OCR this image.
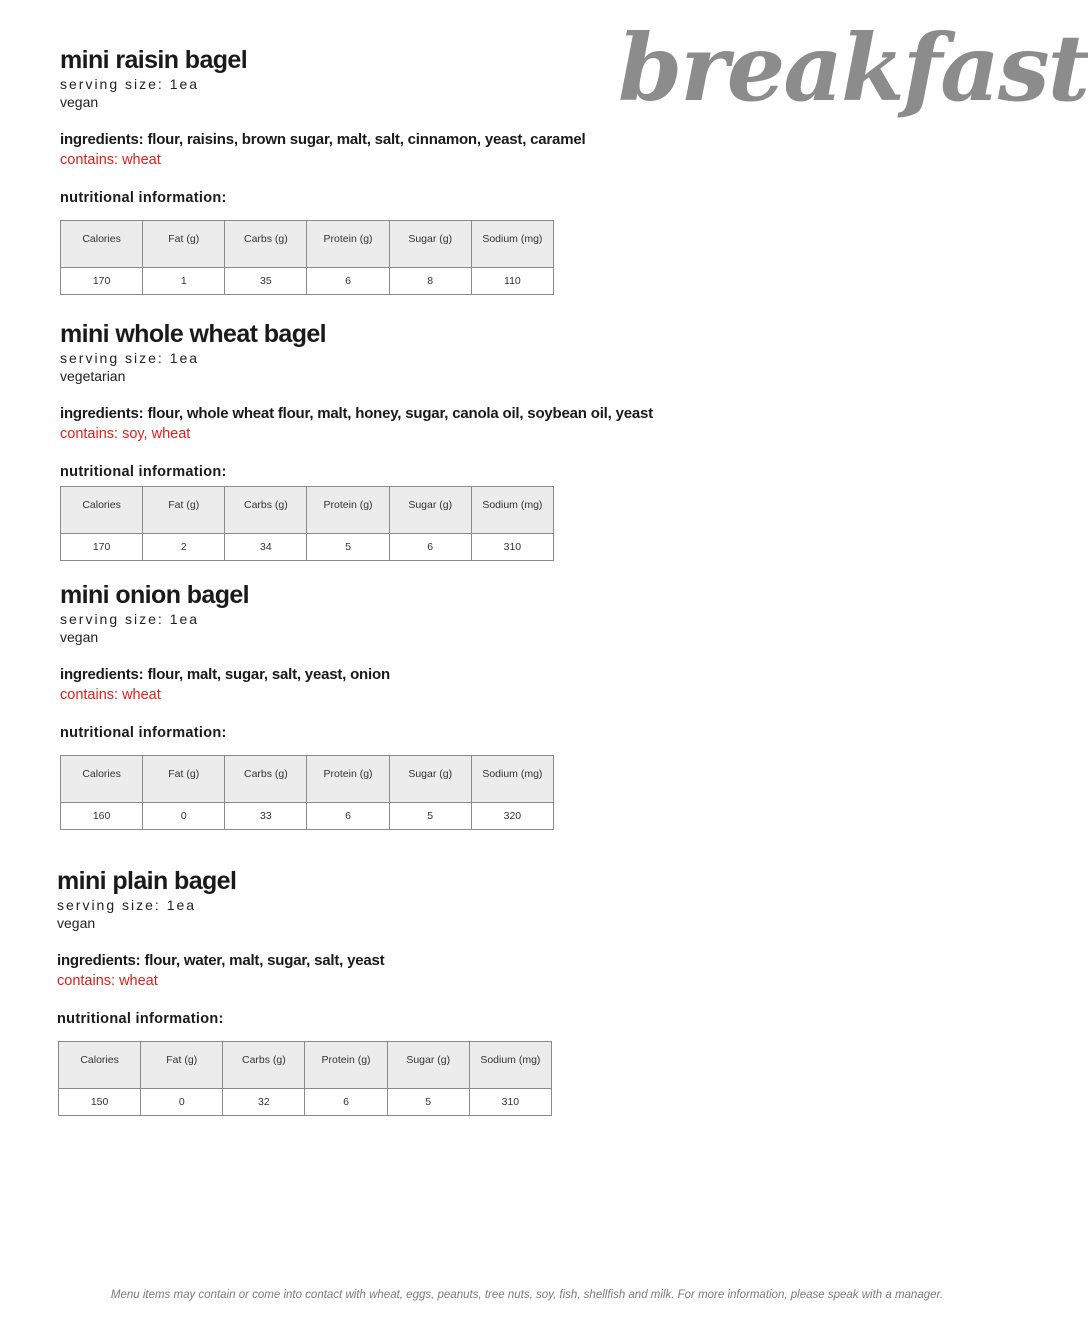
breakfast
mini raisin bagel
serving size: 1ea
vegan
ingredients: flour, raisins, brown sugar, malt, salt, cinnamon, yeast, caramel
contains: wheat
nutritional information:
Calories	Fat (g)	Carbs (g)	Protein (g)	Sugar (g)	Sodium (mg)
170	1	35	6	8	110
mini whole wheat bagel
serving size: 1ea
vegetarian
ingredients: flour, whole wheat flour, malt, honey, sugar, canola oil, soybean oil, yeast
contains: soy, wheat
nutritional information:
Calories	Fat (g)	Carbs (g)	Protein (g)	Sugar (g)	Sodium (mg)
170	2	34	5	6	310
mini onion bagel
serving size: 1ea
vegan
ingredients: flour, malt, sugar, salt, yeast, onion
contains: wheat
nutritional information:
Calories	Fat (g)	Carbs (g)	Protein (g)	Sugar (g)	Sodium (mg)
160	0	33	6	5	320
mini plain bagel
serving size: 1ea
vegan
ingredients: flour, water, malt, sugar, salt, yeast
contains: wheat
nutritional information:
Calories	Fat (g)	Carbs (g)	Protein (g)	Sugar (g)	Sodium (mg)
150	0	32	6	5	310
Menu items may contain or come into contact with wheat, eggs, peanuts, tree nuts, soy, fish, shellfish and milk. For more information, please speak with a manager.
